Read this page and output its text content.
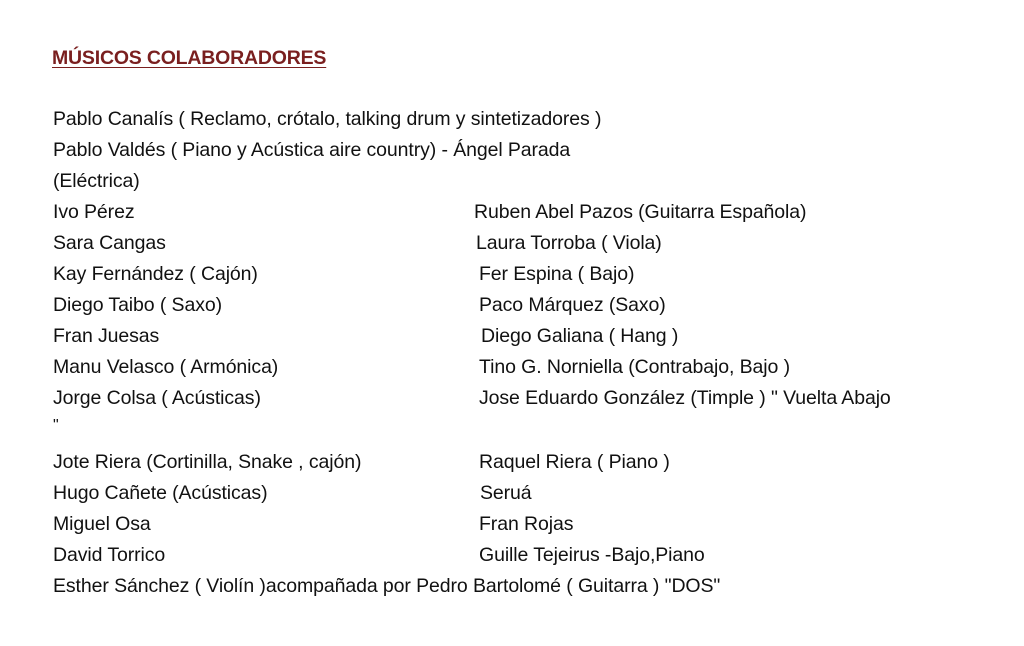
MÚSICOS COLABORADORES
Pablo Canalís ( Reclamo, crótalo, talking drum y sintetizadores )
Pablo Valdés ( Piano y Acústica aire country) - Ángel Parada
(Eléctrica)
Ivo Pérez	Ruben Abel Pazos (Guitarra Española)
Sara Cangas	Laura Torroba ( Viola)
Kay Fernández ( Cajón)	Fer Espina ( Bajo)
Diego Taibo ( Saxo)	Paco Márquez (Saxo)
Fran Juesas	Diego Galiana ( Hang )
Manu Velasco ( Armónica)	Tino G. Norniella (Contrabajo, Bajo )
Jorge Colsa ( Acústicas)	Jose Eduardo González (Timple ) " Vuelta Abajo
"
Jote Riera (Cortinilla, Snake , cajón)	Raquel Riera ( Piano )
Hugo Cañete (Acústicas)	Seruá
Miguel Osa	Fran Rojas
David Torrico	Guille Tejeirus -Bajo,Piano
Esther Sánchez ( Violín )acompañada por Pedro Bartolomé ( Guitarra ) "DOS"
